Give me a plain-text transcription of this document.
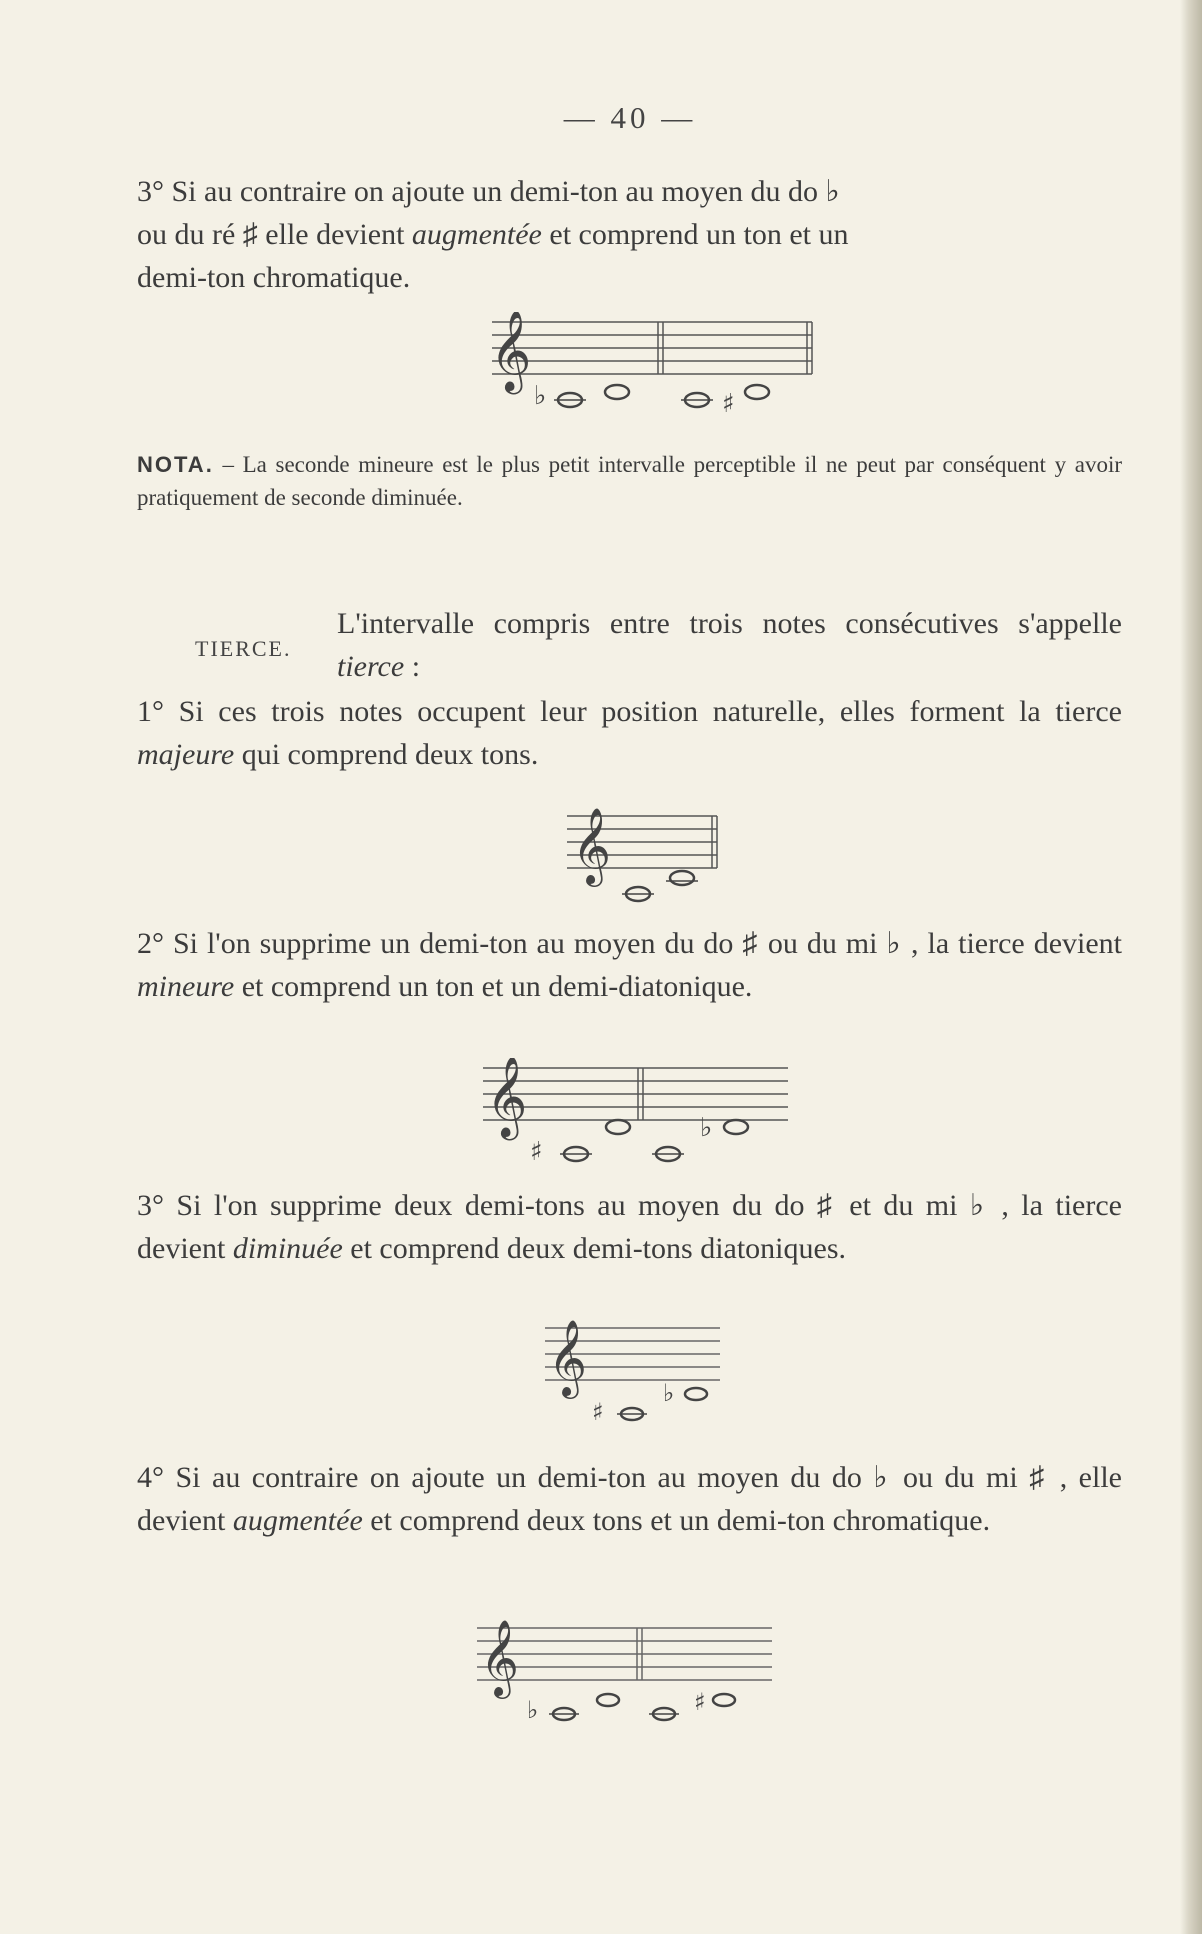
— 40 —
3° Si au contraire on ajoute un demi-ton au moyen du do ♭
ou du ré ♯ elle devient augmentée et comprend un ton et un
demi-ton chromatique.
𝄞
♭	♯
NOTA. – La seconde mineure est le plus petit intervalle perceptible il ne peut par conséquent y avoir pratiquement de seconde diminuée.
TIERCE.
L'intervalle compris entre trois notes consécutives s'appelle tierce :
1° Si ces trois notes occupent leur position naturelle, elles forment la tierce majeure qui comprend deux tons.
𝄞
2° Si l'on supprime un demi-ton au moyen du do ♯ ou du mi ♭ , la tierce devient mineure et comprend un ton et un demi-diatonique.
𝄞
♯
♭
3° Si l'on supprime deux demi-tons au moyen du do ♯ et du mi ♭ , la tierce devient diminuée et comprend deux demi-tons diatoniques.
𝄞
♯
♭
4° Si au contraire on ajoute un demi-ton au moyen du do ♭ ou du mi ♯ , elle devient augmentée et comprend deux tons et un demi-ton chromatique.
𝄞
♭	♯
